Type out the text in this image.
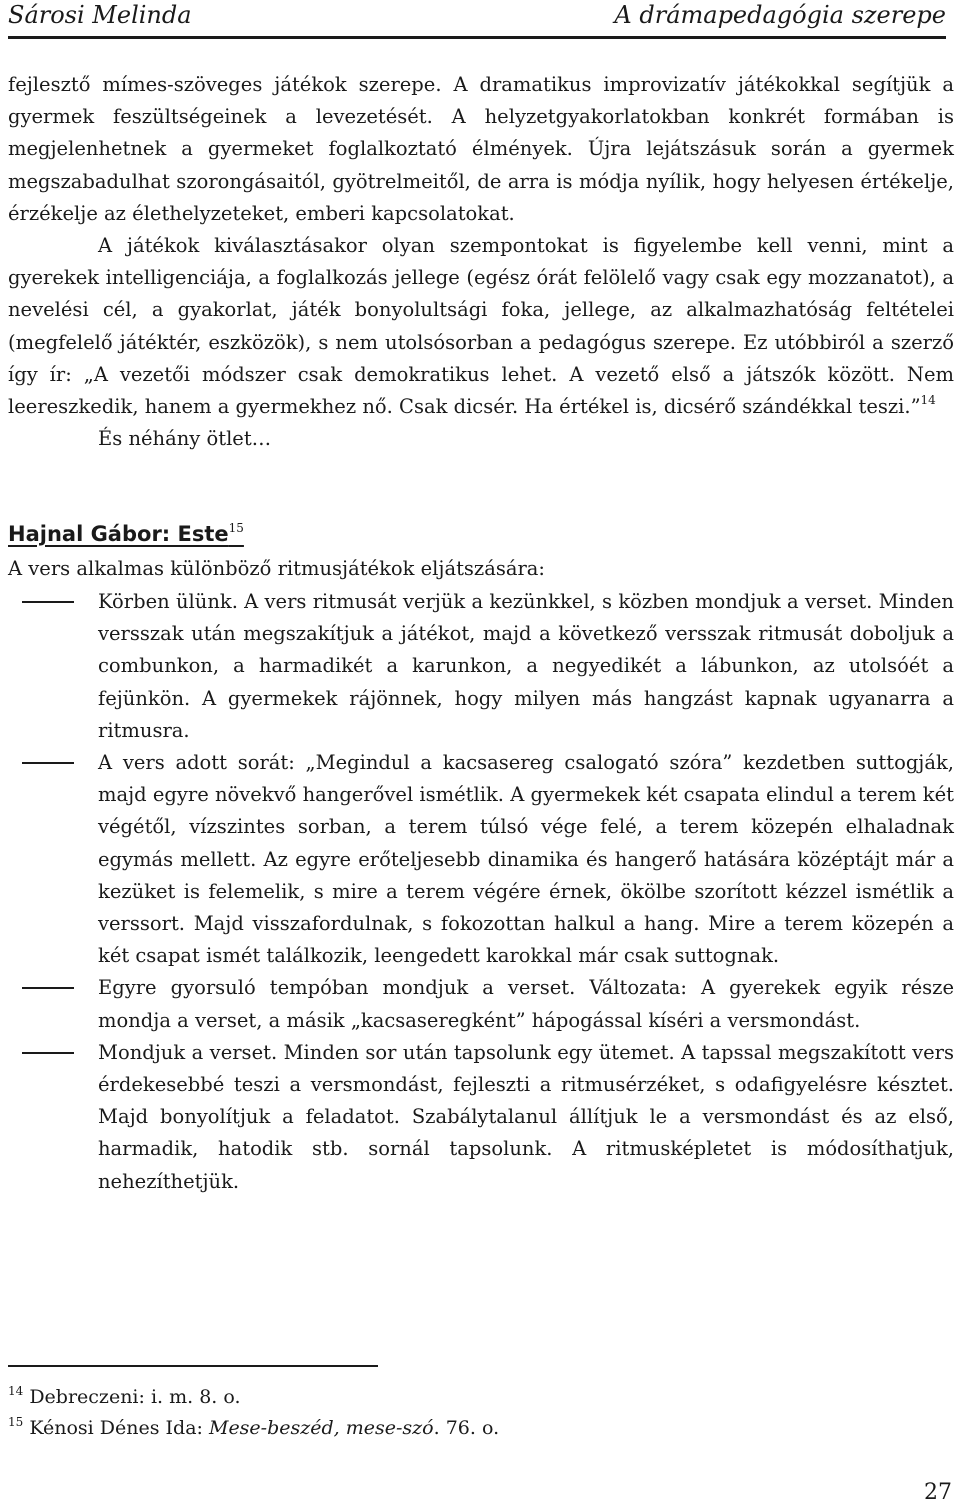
Sárosi Melinda	A drámapedagógia szerepe

fejlesztő mímes-szöveges játékok szerepe. A dramatikus improvizatív játékokkal segítjük a gyermek feszültségeinek a levezetését. A helyzetgyakorlatokban konkrét formában is megjelenhetnek a gyermeket foglalkoztató élmények. Újra lejátszásuk során a gyermek megszabadulhat szorongásaitól, gyötrelmeitől, de arra is módja nyílik, hogy helyesen értékelje, érzékelje az élethelyzeteket, emberi kapcsolatokat.

A játékok kiválasztásakor olyan szempontokat is figyelembe kell venni, mint a gyerekek intelligenciája, a foglalkozás jellege (egész órát felölelő vagy csak egy mozzanatot), a nevelési cél, a gyakorlat, játék bonyolultsági foka, jellege, az alkalmazhatóság feltételei (megfelelő játéktér, eszközök), s nem utolsósorban a pedagógus szerepe. Ez utóbbiról a szerző így ír: „A vezetői módszer csak demokratikus lehet. A vezető első a játszók között. Nem leereszkedik, hanem a gyermekhez nő. Csak dicsér. Ha értékel is, dicsérő szándékkal teszi.”$^{14}$

És néhány ötlet…

Hajnal Gábor: Este$^{15}$
A vers alkalmas különböző ritmusjátékok eljátszására:

Körben ülünk. A vers ritmusát verjük a kezünkkel, s közben mondjuk a verset. Minden versszak után megszakítjuk a játékot, majd a következő versszak ritmusát doboljuk a combunkon, a harmadikét a karunkon, a negyedikét a lábunkon, az utolsóét a fejünkön. A gyermekek rájönnek, hogy milyen más hangzást kapnak ugyanarra a ritmusra.

A vers adott sorát: „Megindul a kacsasereg csalogató szóra” kezdetben suttogják, majd egyre növekvő hangerővel ismétlik. A gyermekek két csapata elindul a terem két végétől, vízszintes sorban, a terem túlsó vége felé, a terem közepén elhaladnak egymás mellett. Az egyre erőteljesebb dinamika és hangerő hatására középtájt már a kezüket is felemelik, s mire a terem végére érnek, ökölbe szorított kézzel ismétlik a verssort. Majd visszafordulnak, s fokozottan halkul a hang. Mire a terem közepén a két csapat ismét találkozik, leengedett karokkal már csak suttognak.

Egyre gyorsuló tempóban mondjuk a verset. Változata: A gyerekek egyik része mondja a verset, a másik „kacsaseregként” hápogással kíséri a versmondást.

Mondjuk a verset. Minden sor után tapsolunk egy ütemet. A tapssal megszakított vers érdekesebbé teszi a versmondást, fejleszti a ritmusérzéket, s odafigyelésre késztet. Majd bonyolítjuk a feladatot. Szabálytalanul állítjuk le a versmondást és az első, harmadik, hatodik stb. sornál tapsolunk. A ritmusképletet is módosíthatjuk, nehezíthetjük.

$^{14}$ Debreczeni: i. m. 8. o.
$^{15}$ Kénosi Dénes Ida: Mese-beszéd, mese-szó. 76. o.
27
